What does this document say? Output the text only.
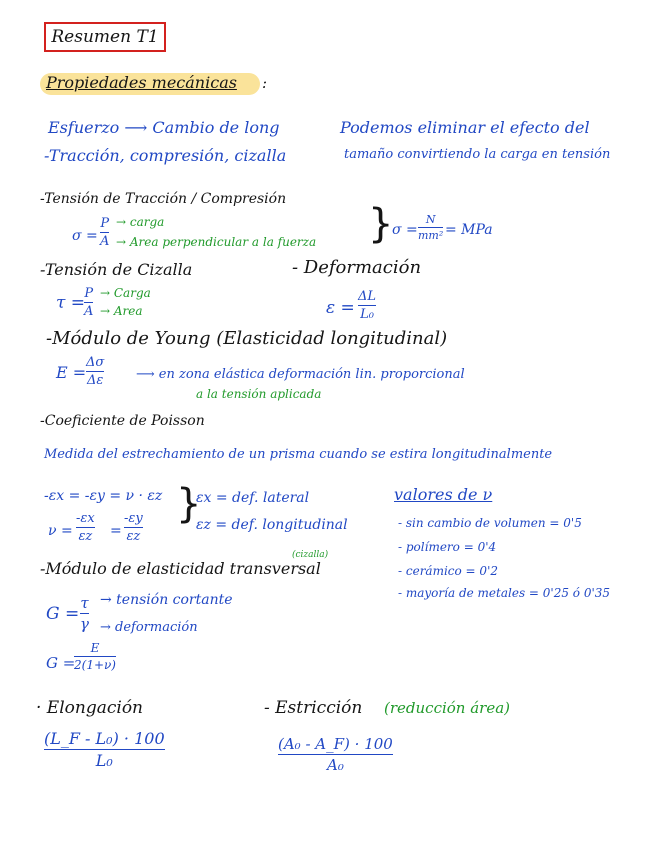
Resumen T1
Propiedades mecánicas :
Esfuerzo ⟶ Cambio de long
-Tracción, compresión, cizalla
Podemos eliminar el efecto del
tamaño convirtiendo la carga en tensión
-Tensión de Tracción / Compresión
σ =
P
A
→ carga
→ Area perpendicular a la fuerza }
σ =
N
mm² = MPa
-Tensión de Cizalla
τ = P
A
→ Carga
→ Area
- Deformación
ε =
ΔL
L₀
-Módulo de Young (Elasticidad longitudinal)
E =
Δσ
Δε	⟶ en zona elástica deformación lin. proporcional
a la tensión aplicada
-Coeficiente de Poisson
Medida del estrechamiento de un prisma cuando se estira longitudinalmente
-εx = -εy = ν · εz
ν =
-εx
εz =
-εy
εz
}
εx = def. lateral
εz = def. longitudinal
valores de ν
- sin cambio de volumen = 0'5
- polímero = 0'4
- cerámico = 0'2
- mayoría de metales = 0'25 ó 0'35
-Módulo de elasticidad transversal
(cizalla)
G =
τ
γ
→ tensión cortante
→ deformación
G =
E
2(1+ν)
· Elongación
(L_F - L₀) · 100
L₀
- Estricción (reducción área)
(A₀ - A_F) · 100
A₀
